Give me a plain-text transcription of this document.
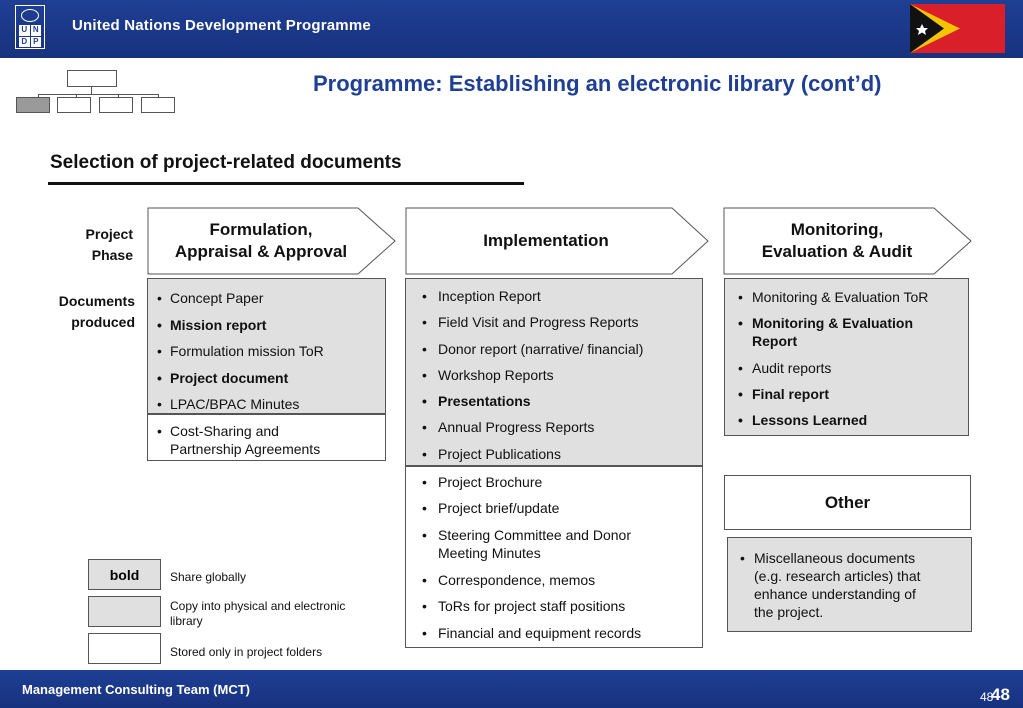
U N
D P
United Nations Development Programme
Programme: Establishing an electronic library (cont’d)
Selection of project-related documents
Project
Phase
Documents
produced
Formulation,
Appraisal & Approval
Implementation
Monitoring,
Evaluation & Audit
• Concept Paper
• Mission report
• Formulation mission ToR
• Project document
• LPAC/BPAC Minutes
• Cost-Sharing and
Partnership Agreements
• Inception Report
• Field Visit and Progress Reports
• Donor report (narrative/ financial)
• Workshop Reports
• Presentations
• Annual Progress Reports
• Project Publications
• Project Brochure
• Project brief/update
• Steering Committee and Donor
Meeting Minutes
• Correspondence, memos
• ToRs for project staff positions
• Financial and equipment records
• Monitoring & Evaluation ToR
• Monitoring & Evaluation
Report
• Audit reports
• Final report
• Lessons Learned
Other
• Miscellaneous documents
(e.g. research articles) that
enhance understanding of
the project.
bold	Share globally
Copy into physical and electronic
library
Stored only in project folders
Management Consulting Team (MCT)	48
48
